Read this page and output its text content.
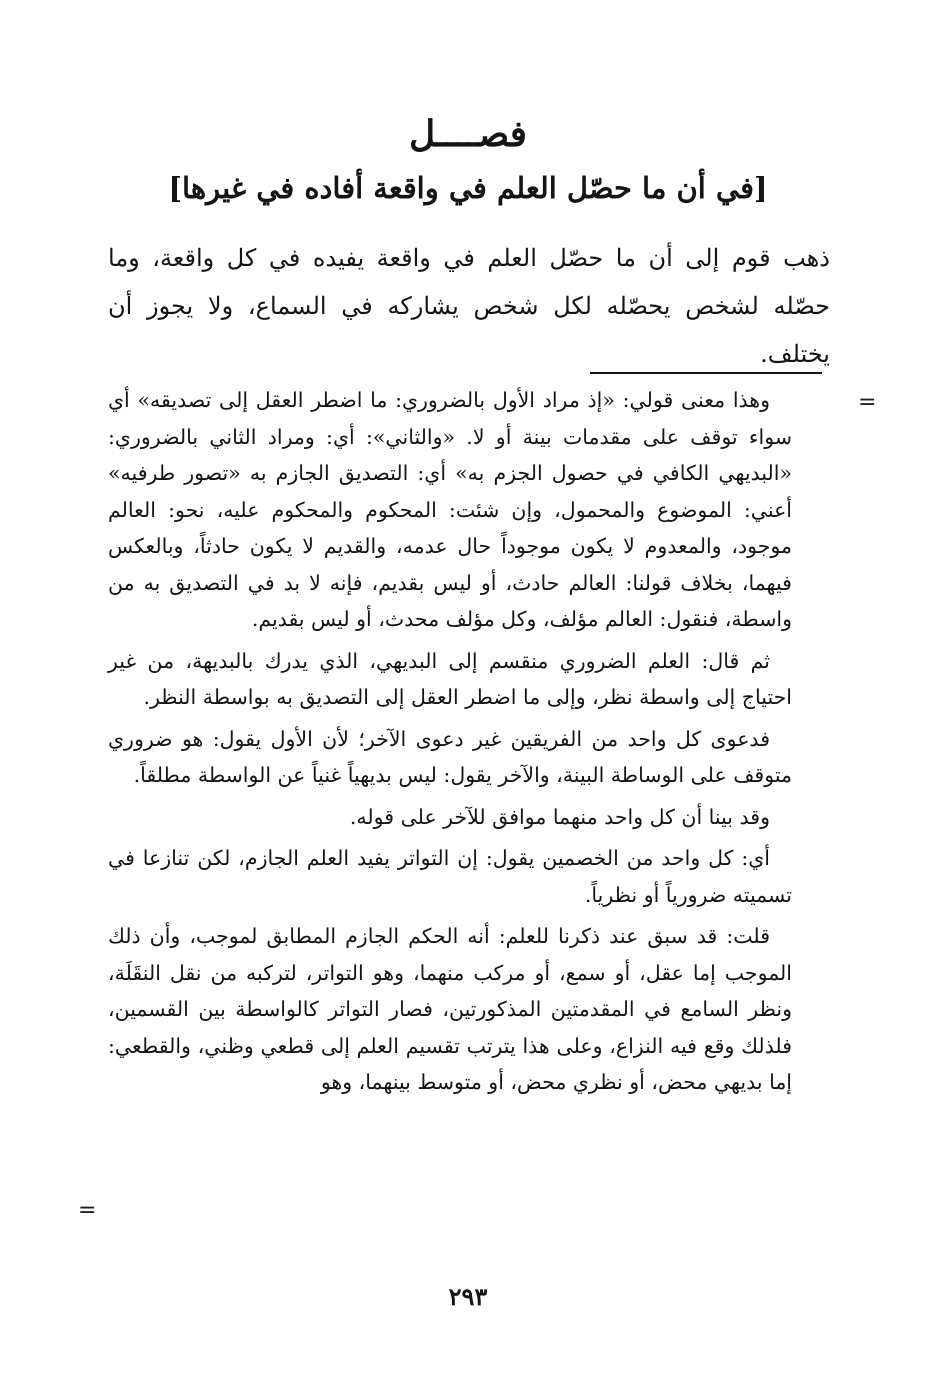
فصــــل
[في أن ما حصّل العلم في واقعة أفاده في غيرها]

ذهب قوم إلى أن ما حصّل العلم في واقعة يفيده في كل واقعة، وما حصّله لشخص يحصّله لكل شخص يشاركه في السماع، ولا يجوز أن يختلف.

=

وهذا معنى قولي: «إذ مراد الأول بالضروري: ما اضطر العقل إلى تصديقه» أي سواء توقف على مقدمات بينة أو لا. «والثاني»: أي: ومراد الثاني بالضروري: «البديهي الكافي في حصول الجزم به» أي: التصديق الجازم به «تصور طرفيه» أعني: الموضوع والمحمول، وإن شئت: المحكوم والمحكوم عليه، نحو: العالم موجود، والمعدوم لا يكون موجوداً حال عدمه، والقديم لا يكون حادثاً، وبالعكس فيهما، بخلاف قولنا: العالم حادث، أو ليس بقديم، فإنه لا بد في التصديق به من واسطة، فنقول: العالم مؤلف، وكل مؤلف محدث، أو ليس بقديم.

ثم قال: العلم الضروري منقسم إلى البديهي، الذي يدرك بالبديهة، من غير احتياج إلى واسطة نظر، وإلى ما اضطر العقل إلى التصديق به بواسطة النظر.

فدعوى كل واحد من الفريقين غير دعوى الآخر؛ لأن الأول يقول: هو ضروري متوقف على الوساطة البينة، والآخر يقول: ليس بديهياً غنياً عن الواسطة مطلقاً.

وقد بينا أن كل واحد منهما موافق للآخر على قوله.

أي: كل واحد من الخصمين يقول: إن التواتر يفيد العلم الجازم، لكن تنازعا في تسميته ضرورياً أو نظرياً.

قلت: قد سبق عند ذكرنا للعلم: أنه الحكم الجازم المطابق لموجب، وأن ذلك الموجب إما عقل، أو سمع، أو مركب منهما، وهو التواتر، لتركبه من نقل النقَلَة، ونظر السامع في المقدمتين المذكورتين، فصار التواتر كالواسطة بين القسمين، فلذلك وقع فيه النزاع، وعلى هذا يترتب تقسيم العلم إلى قطعي وظني، والقطعي: إما بديهي محض، أو نظري محض، أو متوسط بينهما، وهو

=
٢٩٣
